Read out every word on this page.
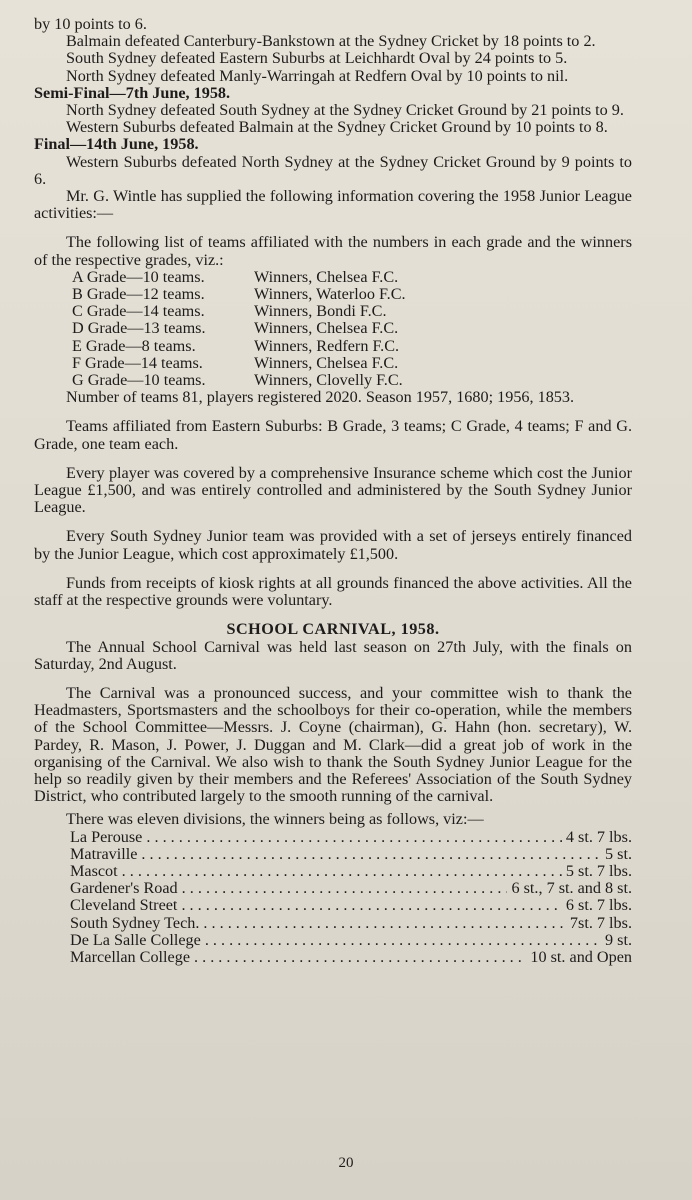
by 10 points to 6.

Balmain defeated Canterbury-Bankstown at the Sydney Cricket by 18 points to 2.

South Sydney defeated Eastern Suburbs at Leichhardt Oval by 24 points to 5.

North Sydney defeated Manly-Warringah at Redfern Oval by 10 points to nil.

Semi-Final—7th June, 1958.

North Sydney defeated South Sydney at the Sydney Cricket Ground by 21 points to 9.

Western Suburbs defeated Balmain at the Sydney Cricket Ground by 10 points to 8.

Final—14th June, 1958.

Western Suburbs defeated North Sydney at the Sydney Cricket Ground by 9 points to 6.

Mr. G. Wintle has supplied the following information covering the 1958 Junior League activities:—

The following list of teams affiliated with the numbers in each grade and the winners of the respective grades, viz.:

A Grade—10 teams.	Winners, Chelsea F.C.
B Grade—12 teams.	Winners, Waterloo F.C.
C Grade—14 teams.	Winners, Bondi F.C.
D Grade—13 teams.	Winners, Chelsea F.C.
E Grade—8 teams.	Winners, Redfern F.C.
F Grade—14 teams.	Winners, Chelsea F.C.
G Grade—10 teams.	Winners, Clovelly F.C.

Number of teams 81, players registered 2020. Season 1957, 1680; 1956, 1853.

Teams affiliated from Eastern Suburbs: B Grade, 3 teams; C Grade, 4 teams; F and G. Grade, one team each.

Every player was covered by a comprehensive Insurance scheme which cost the Junior League £1,500, and was entirely controlled and administered by the South Sydney Junior League.

Every South Sydney Junior team was provided with a set of jerseys entirely financed by the Junior League, which cost approximately £1,500.

Funds from receipts of kiosk rights at all grounds financed the above activities. All the staff at the respective grounds were voluntary.

SCHOOL CARNIVAL, 1958.

The Annual School Carnival was held last season on 27th July, with the finals on Saturday, 2nd August.

The Carnival was a pronounced success, and your committee wish to thank the Headmasters, Sportsmasters and the schoolboys for their co-operation, while the members of the School Committee—Messrs. J. Coyne (chairman), G. Hahn (hon. secretary), W. Pardey, R. Mason, J. Power, J. Duggan and M. Clark—did a great job of work in the organising of the Carnival. We also wish to thank the South Sydney Junior League for the help so readily given by their members and the Referees' Association of the South Sydney District, who contributed largely to the smooth running of the carnival.

There was eleven divisions, the winners being as follows, viz:—

La Perouse . . .	4 st. 7 lbs.
Matraville . . .	5 st.
Mascot . . .	5 st. 7 lbs.
Gardener's Road . . .	6 st., 7 st. and 8 st.
Cleveland Street . . .	6 st. 7 lbs.
South Sydney Tech. . . .	7st. 7 lbs.
De La Salle College . . .	9 st.
Marcellan College . . .	10 st. and Open
20
